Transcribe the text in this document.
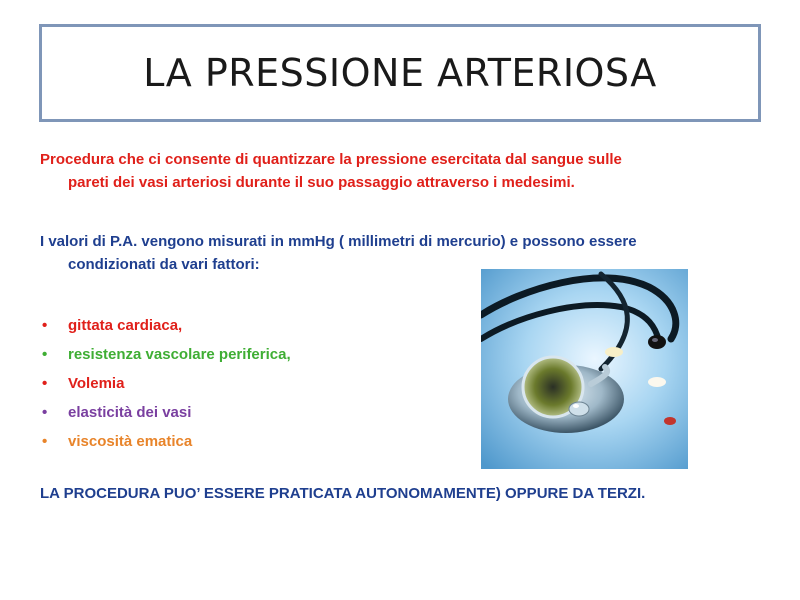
LA PRESSIONE ARTERIOSA
Procedura che ci consente di quantizzare la pressione esercitata dal sangue sulle
pareti dei vasi arteriosi durante il suo passaggio attraverso i medesimi.
I valori di P.A. vengono misurati in mmHg ( millimetri di mercurio) e possono essere
condizionati da vari fattori:
• gittata cardiaca,
• resistenza vascolare periferica,
• Volemia
• elasticità dei vasi
• viscosità ematica
LA PROCEDURA PUO’ ESSERE PRATICATA AUTONOMAMENTE) OPPURE DA TERZI.
